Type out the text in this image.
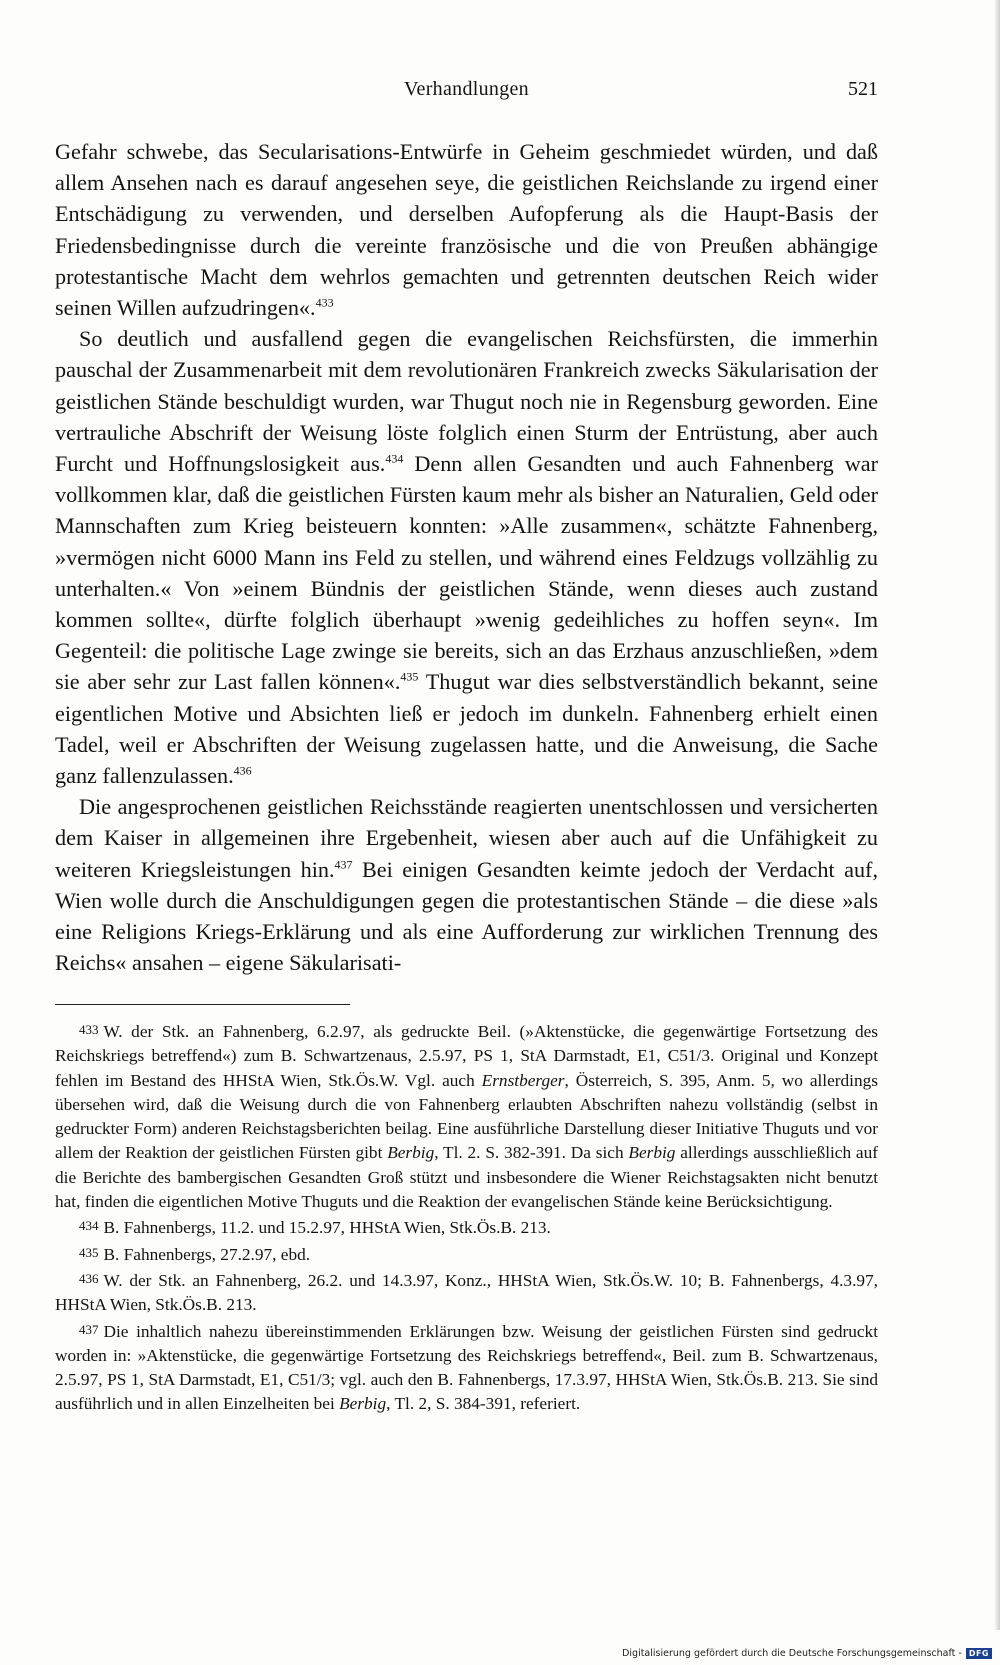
Verhandlungen	521

Gefahr schwebe, das Secularisations-Entwürfe in Geheim geschmiedet würden, und daß allem Ansehen nach es darauf angesehen seye, die geistlichen Reichslande zu irgend einer Entschädigung zu verwenden, und derselben Aufopferung als die Haupt-Basis der Friedensbedingnisse durch die vereinte französische und die von Preußen abhängige protestantische Macht dem wehrlos gemachten und getrennten deutschen Reich wider seinen Willen aufzudringen«.$^{433}$

So deutlich und ausfallend gegen die evangelischen Reichsfürsten, die immerhin pauschal der Zusammenarbeit mit dem revolutionären Frankreich zwecks Säkularisation der geistlichen Stände beschuldigt wurden, war Thugut noch nie in Regensburg geworden. Eine vertrauliche Abschrift der Weisung löste folglich einen Sturm der Entrüstung, aber auch Furcht und Hoffnungslosigkeit aus.$^{434}$ Denn allen Gesandten und auch Fahnenberg war vollkommen klar, daß die geistlichen Fürsten kaum mehr als bisher an Naturalien, Geld oder Mannschaften zum Krieg beisteuern konnten: »Alle zusammen«, schätzte Fahnenberg, »vermögen nicht 6000 Mann ins Feld zu stellen, und während eines Feldzugs vollzählig zu unterhalten.« Von »einem Bündnis der geistlichen Stände, wenn dieses auch zustand kommen sollte«, dürfte folglich überhaupt »wenig gedeihliches zu hoffen seyn«. Im Gegenteil: die politische Lage zwinge sie bereits, sich an das Erzhaus anzuschließen, »dem sie aber sehr zur Last fallen können«.$^{435}$ Thugut war dies selbstverständlich bekannt, seine eigentlichen Motive und Absichten ließ er jedoch im dunkeln. Fahnenberg erhielt einen Tadel, weil er Abschriften der Weisung zugelassen hatte, und die Anweisung, die Sache ganz fallenzulassen.$^{436}$

Die angesprochenen geistlichen Reichsstände reagierten unentschlossen und versicherten dem Kaiser in allgemeinen ihre Ergebenheit, wiesen aber auch auf die Unfähigkeit zu weiteren Kriegsleistungen hin.$^{437}$ Bei einigen Gesandten keimte jedoch der Verdacht auf, Wien wolle durch die Anschuldigungen gegen die protestantischen Stände – die diese »als eine Religions Kriegs-Erklärung und als eine Aufforderung zur wirklichen Trennung des Reichs« ansahen – eigene Säkularisati-

433 W. der Stk. an Fahnenberg, 6.2.97, als gedruckte Beil. (»Aktenstücke, die gegenwärtige Fortsetzung des Reichskriegs betreffend«) zum B. Schwartzenaus, 2.5.97, PS 1, StA Darmstadt, E1, C51/3. Original und Konzept fehlen im Bestand des HHStA Wien, Stk.Ös.W. Vgl. auch Ernstberger, Österreich, S. 395, Anm. 5, wo allerdings übersehen wird, daß die Weisung durch die von Fahnenberg erlaubten Abschriften nahezu vollständig (selbst in gedruckter Form) anderen Reichstagsberichten beilag. Eine ausführliche Darstellung dieser Initiative Thuguts und vor allem der Reaktion der geistlichen Fürsten gibt Berbig, Tl. 2. S. 382-391. Da sich Berbig allerdings ausschließlich auf die Berichte des bambergischen Gesandten Groß stützt und insbesondere die Wiener Reichstagsakten nicht benutzt hat, finden die eigentlichen Motive Thuguts und die Reaktion der evangelischen Stände keine Berücksichtigung.

434 B. Fahnenbergs, 11.2. und 15.2.97, HHStA Wien, Stk.Ös.B. 213.

435 B. Fahnenbergs, 27.2.97, ebd.

436 W. der Stk. an Fahnenberg, 26.2. und 14.3.97, Konz., HHStA Wien, Stk.Ös.W. 10; B. Fahnenbergs, 4.3.97, HHStA Wien, Stk.Ös.B. 213.

437 Die inhaltlich nahezu übereinstimmenden Erklärungen bzw. Weisung der geistlichen Fürsten sind gedruckt worden in: »Aktenstücke, die gegenwärtige Fortsetzung des Reichskriegs betreffend«, Beil. zum B. Schwartzenaus, 2.5.97, PS 1, StA Darmstadt, E1, C51/3; vgl. auch den B. Fahnenbergs, 17.3.97, HHStA Wien, Stk.Ös.B. 213. Sie sind ausführlich und in allen Einzelheiten bei Berbig, Tl. 2, S. 384-391, referiert.

Digitalisierung gefördert durch die Deutsche Forschungsgemeinschaft - DFG
